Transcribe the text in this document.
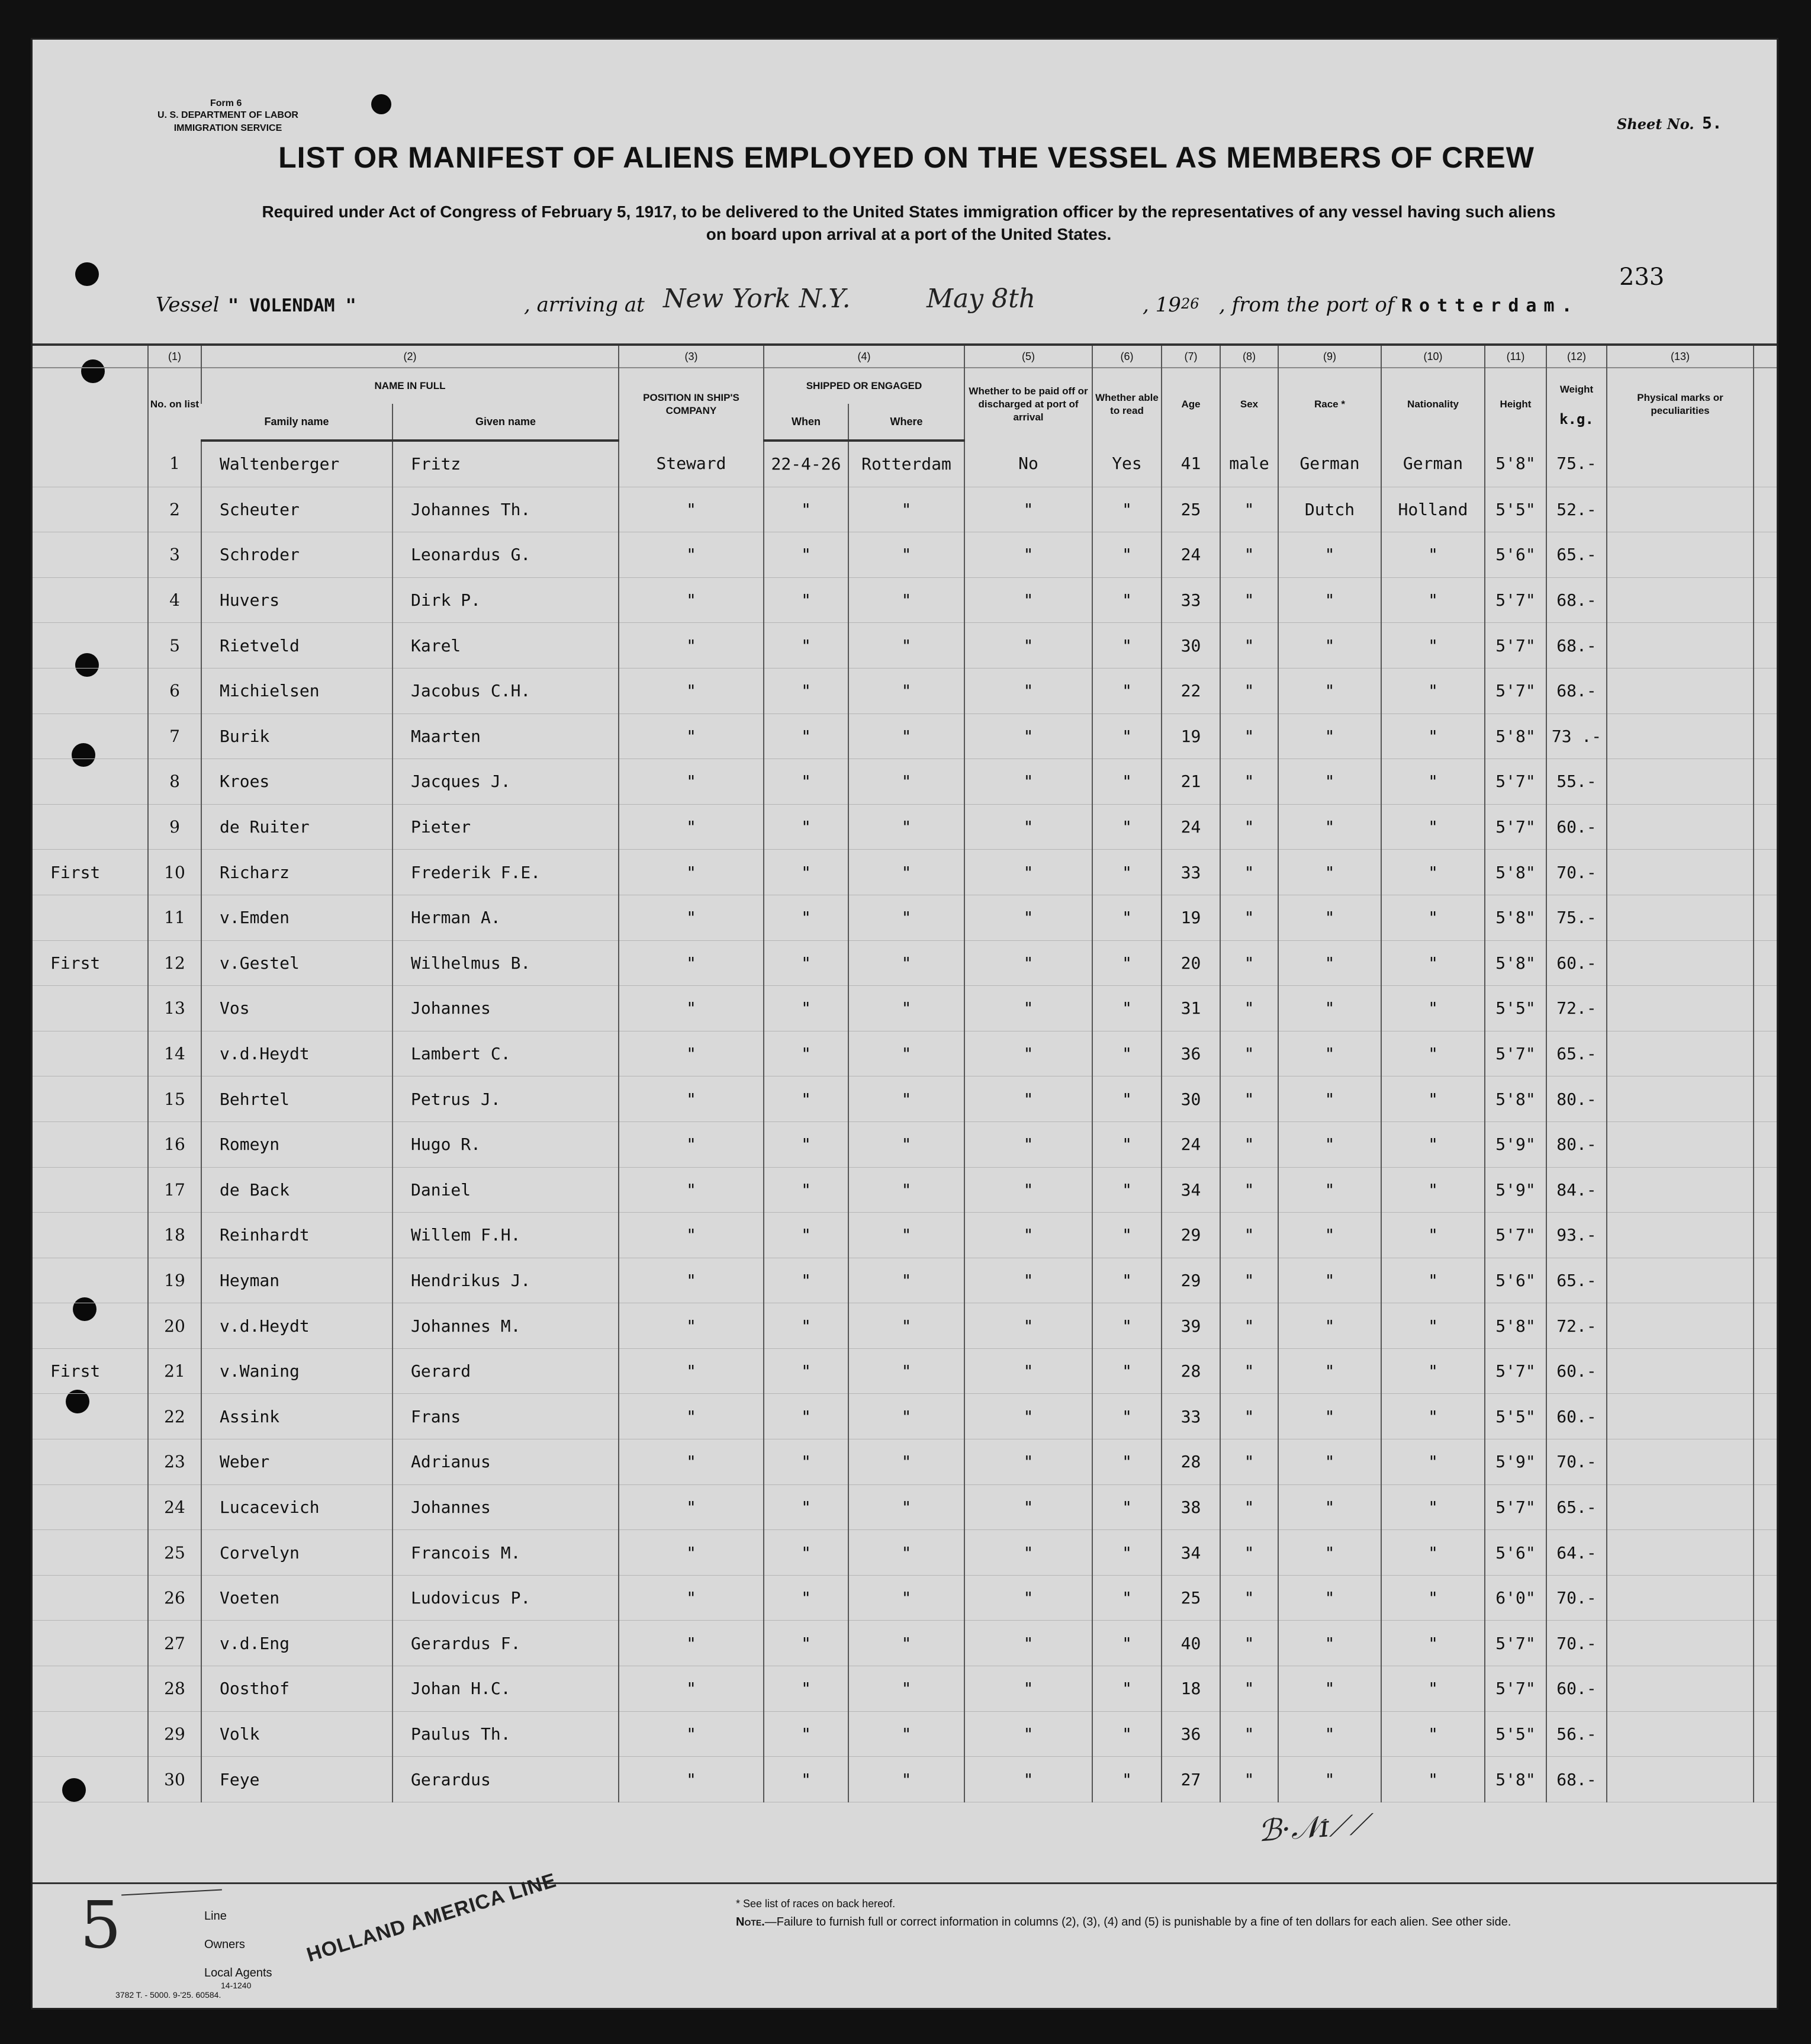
Form 6
U. S. DEPARTMENT OF LABOR
IMMIGRATION SERVICE	Sheet No. 5.
LIST OR MANIFEST OF ALIENS EMPLOYED ON THE VESSEL AS MEMBERS OF CREW
Required under Act of Congress of February 5, 1917, to be delivered to the United States immigration officer by the representatives of any vessel having such aliens
on board upon arrival at a port of the United States.
233
Vessel " VOLENDAM "	, arriving at New York N.Y.	May 8th	, 19 26 , from the port of Rotterdam.
	(1)	(2)		(3)	(4)		(5)	(6)	(7)	(8)	(9)	(10)	(11)	(12)	(13)	
	No. on list	NAME IN FULL		POSITION IN SHIP'S COMPANY	SHIPPED OR ENGAGED		Whether to be paid off or discharged at port of arrival	Whether able to read	Age	Sex	Race *	Nationality	Height	Weight
k.g.	Physical marks or peculiarities	
		Family name	Given name		When	Where										
	1	Waltenberger	Fritz	Steward	22-4-26	Rotterdam	No	Yes	41	male	German	German	5'8"	75.-		
	2	Scheuter	Johannes Th.	"	"	"	"	"	25	"	Dutch	Holland	5'5"	52.-		
	3	Schroder	Leonardus G.	"	"	"	"	"	24	"	"	"	5'6"	65.-		
	4	Huvers	Dirk P.	"	"	"	"	"	33	"	"	"	5'7"	68.-		
	5	Rietveld	Karel	"	"	"	"	"	30	"	"	"	5'7"	68.-		
	6	Michielsen	Jacobus C.H.	"	"	"	"	"	22	"	"	"	5'7"	68.-		
	7	Burik	Maarten	"	"	"	"	"	19	"	"	"	5'8"	73 .-		
	8	Kroes	Jacques J.	"	"	"	"	"	21	"	"	"	5'7"	55.-		
	9	de Ruiter	Pieter	"	"	"	"	"	24	"	"	"	5'7"	60.-		
First	10	Richarz	Frederik F.E.	"	"	"	"	"	33	"	"	"	5'8"	70.-		
	11	v.Emden	Herman A.	"	"	"	"	"	19	"	"	"	5'8"	75.-		
First	12	v.Gestel	Wilhelmus B.	"	"	"	"	"	20	"	"	"	5'8"	60.-		
	13	Vos	Johannes	"	"	"	"	"	31	"	"	"	5'5"	72.-		
	14	v.d.Heydt	Lambert C.	"	"	"	"	"	36	"	"	"	5'7"	65.-		
	15	Behrtel	Petrus J.	"	"	"	"	"	30	"	"	"	5'8"	80.-		
	16	Romeyn	Hugo R.	"	"	"	"	"	24	"	"	"	5'9"	80.-		
	17	de Back	Daniel	"	"	"	"	"	34	"	"	"	5'9"	84.-		
	18	Reinhardt	Willem F.H.	"	"	"	"	"	29	"	"	"	5'7"	93.-		
	19	Heyman	Hendrikus J.	"	"	"	"	"	29	"	"	"	5'6"	65.-		
	20	v.d.Heydt	Johannes M.	"	"	"	"	"	39	"	"	"	5'8"	72.-		
First	21	v.Waning	Gerard	"	"	"	"	"	28	"	"	"	5'7"	60.-		
	22	Assink	Frans	"	"	"	"	"	33	"	"	"	5'5"	60.-		
	23	Weber	Adrianus	"	"	"	"	"	28	"	"	"	5'9"	70.-		
	24	Lucacevich	Johannes	"	"	"	"	"	38	"	"	"	5'7"	65.-		
	25	Corvelyn	Francois M.	"	"	"	"	"	34	"	"	"	5'6"	64.-		
	26	Voeten	Ludovicus P.	"	"	"	"	"	25	"	"	"	6'0"	70.-		
	27	v.d.Eng	Gerardus F.	"	"	"	"	"	40	"	"	"	5'7"	70.-		
	28	Oosthof	Johan H.C.	"	"	"	"	"	18	"	"	"	5'7"	60.-		
	29	Volk	Paulus Th.	"	"	"	"	"	36	"	"	"	5'5"	56.-		
	30	Feye	Gerardus	"	"	"	"	"	27	"	"	"	5'8"	68.-		
ℬ·𝒩ɪ⟋⟋
5	Line
Owners
Local Agents
14-1240
HOLLAND AMERICA LINE	* See list of races on back hereof.
Note.—Failure to furnish full or correct information in columns (2), (3), (4) and (5) is punishable by a fine of ten dollars for each alien. See other side.
3782 T. - 5000. 9-'25. 60584.
